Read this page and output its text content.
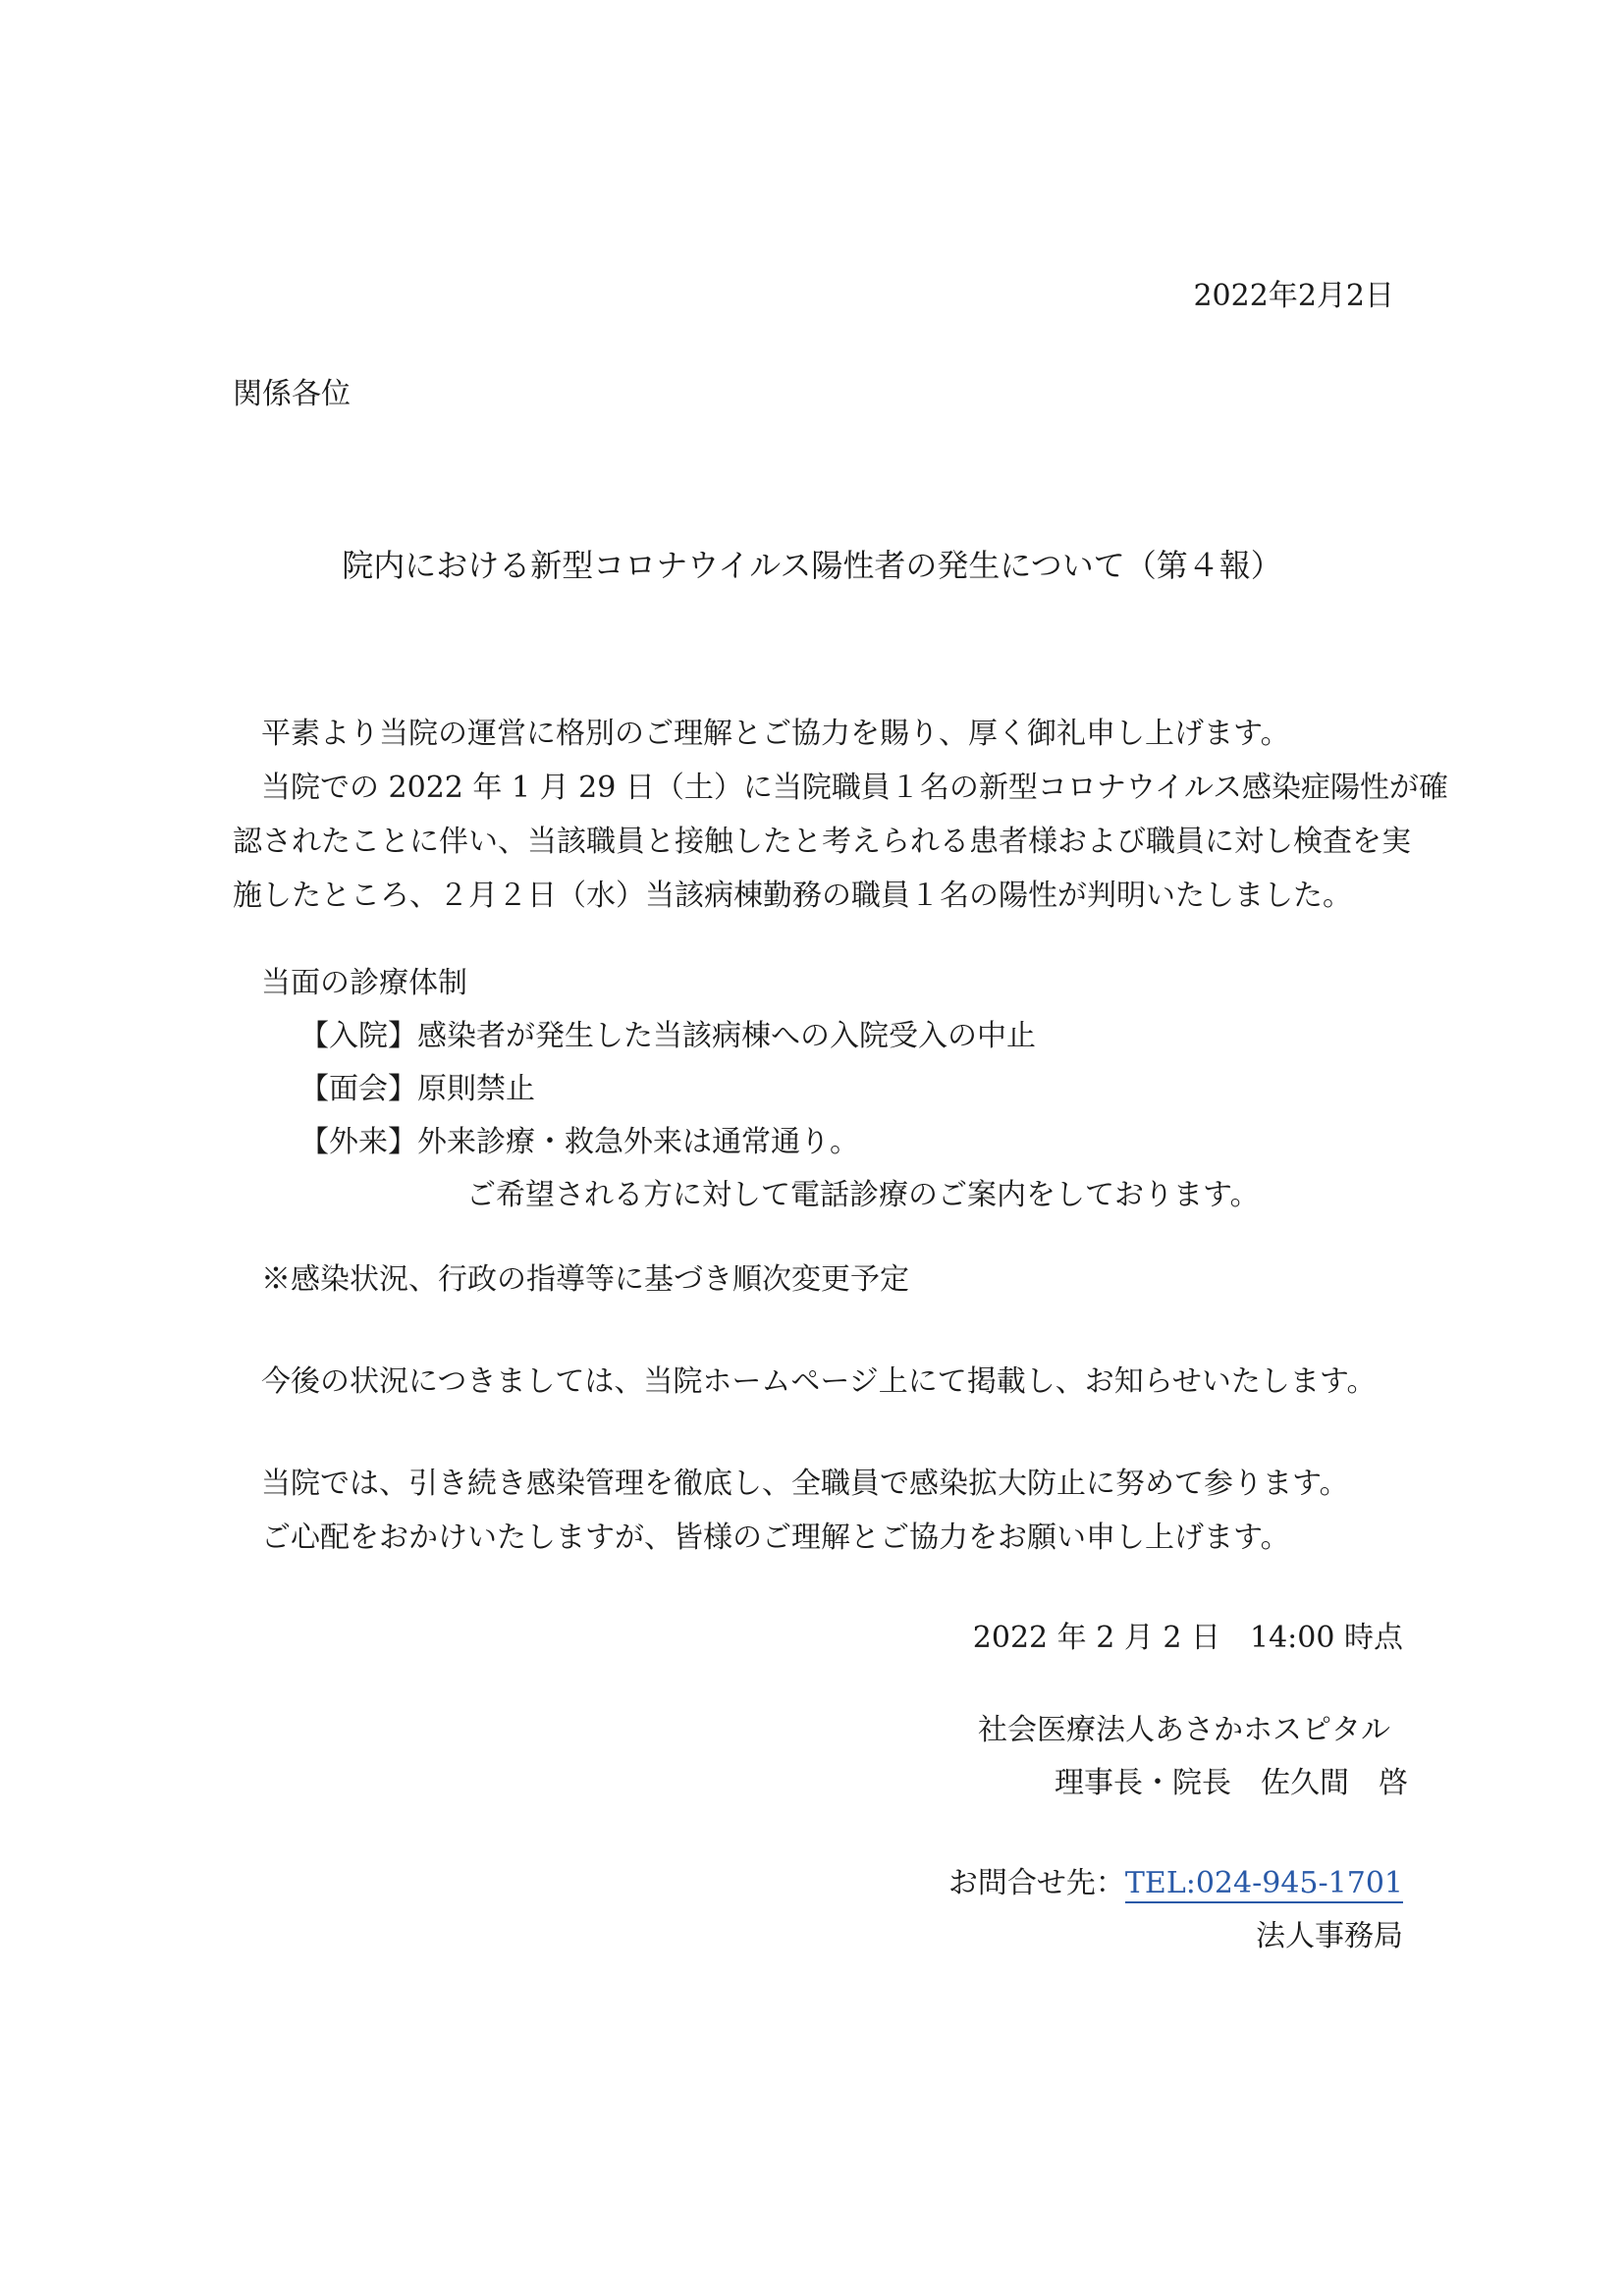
2022年2月2日
関係各位
院内における新型コロナウイルス陽性者の発生について（第４報）
平素より当院の運営に格別のご理解とご協力を賜り、厚く御礼申し上げます。
当院での 2022 年 1 月 29 日（土）に当院職員１名の新型コロナウイルス感染症陽性が確
認されたことに伴い、当該職員と接触したと考えられる患者様および職員に対し検査を実
施したところ、２月２日（水）当該病棟勤務の職員１名の陽性が判明いたしました。
当面の診療体制
【入院】感染者が発生した当該病棟への入院受入の中止
【面会】原則禁止
【外来】外来診療・救急外来は通常通り。
ご希望される方に対して電話診療のご案内をしております。
※感染状況、行政の指導等に基づき順次変更予定
今後の状況につきましては、当院ホームページ上にて掲載し、お知らせいたします。
当院では、引き続き感染管理を徹底し、全職員で感染拡大防止に努めて参ります。
ご心配をおかけいたしますが、皆様のご理解とご協力をお願い申し上げます。
2022 年 2 月 2 日　14:00 時点
社会医療法人あさかホスピタル
理事長・院長　佐久間　啓
お問合せ先：TEL:024-945-1701
法人事務局
